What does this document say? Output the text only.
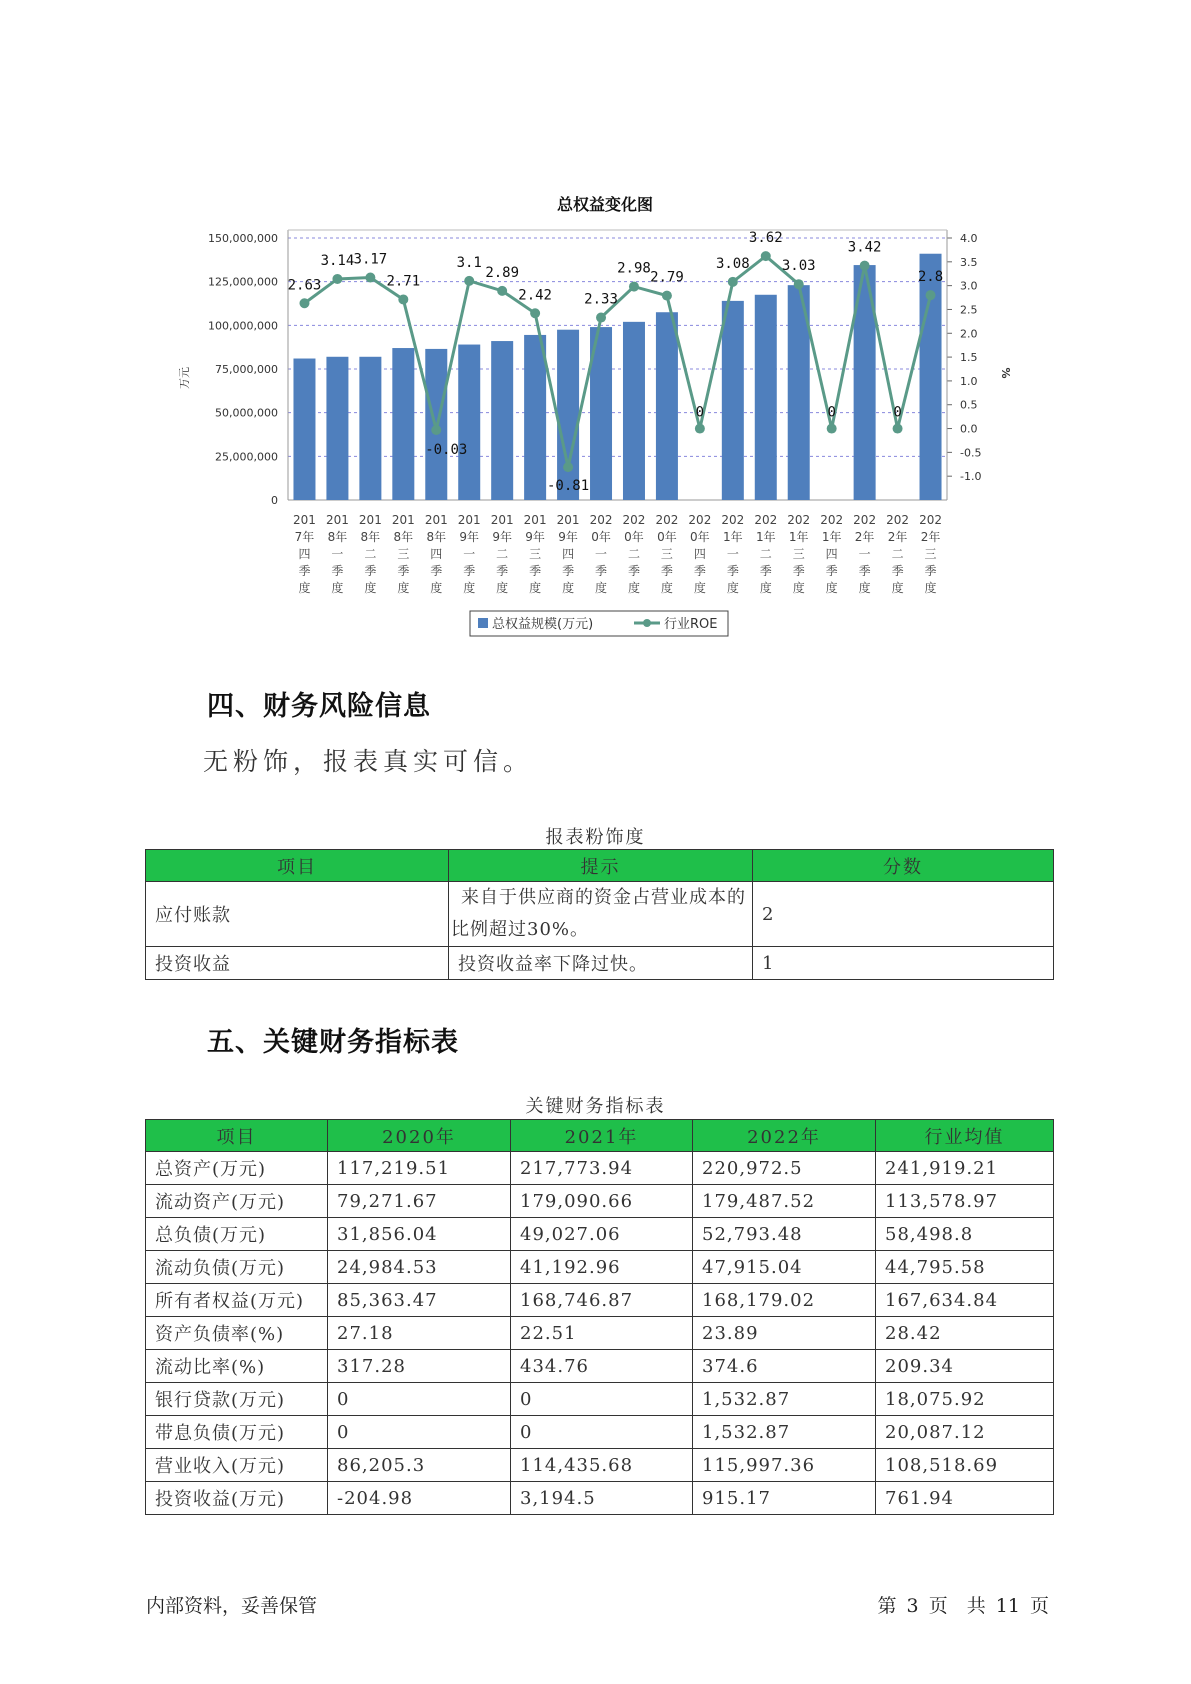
总权益变化图
0
25,000,000
50,000,000
75,000,000
100,000,000
125,000,000
150,000,000
-1.0
-0.5
0.0
0.5
1.0
1.5
2.0
2.5
3.0
3.5
4.0
万元	%
2.63
3.14 3.17
2.71
-0.03
3.1
2.89
2.42
-0.81
2.33
2.98
2.79
0
3.08
3.62
3.03
0
3.42
0
2.8
201
7年
四
季
度
201
8年
一
季
度
201
8年
二
季
度
201
8年
三
季
度
201
8年
四
季
度
201
9年
一
季
度
201
9年
二
季
度
201
9年
三
季
度
201
9年
四
季
度
202
0年
一
季
度
202
0年
二
季
度
202
0年
三
季
度
202
0年
四
季
度
202
1年
一
季
度
202
1年
二
季
度
202
1年
三
季
度
202
1年
四
季
度
202
2年
一
季
度
202
2年
二
季
度
202
2年
三
季
度
总权益规模(万元)	行业ROE
四、财务风险信息
无粉饰，报表真实可信。
报表粉饰度
项目	提示	分数
应付账款	来自于供应商的资金占营业成本的比例超过30%。	2
投资收益	投资收益率下降过快。	1
五、关键财务指标表
关键财务指标表
项目	2020年	2021年	2022年	行业均值
总资产(万元)	117,219.51	217,773.94	220,972.5	241,919.21
流动资产(万元)	79,271.67	179,090.66	179,487.52	113,578.97
总负债(万元)	31,856.04	49,027.06	52,793.48	58,498.8
流动负债(万元)	24,984.53	41,192.96	47,915.04	44,795.58
所有者权益(万元)	85,363.47	168,746.87	168,179.02	167,634.84
资产负债率(%)	27.18	22.51	23.89	28.42
流动比率(%)	317.28	434.76	374.6	209.34
银行贷款(万元)	0	0	1,532.87	18,075.92
带息负债(万元)	0	0	1,532.87	20,087.12
营业收入(万元)	86,205.3	114,435.68	115,997.36	108,518.69
投资收益(万元)	-204.98	3,194.5	915.17	761.94
内部资料，妥善保管	第 3 页　共 11 页
